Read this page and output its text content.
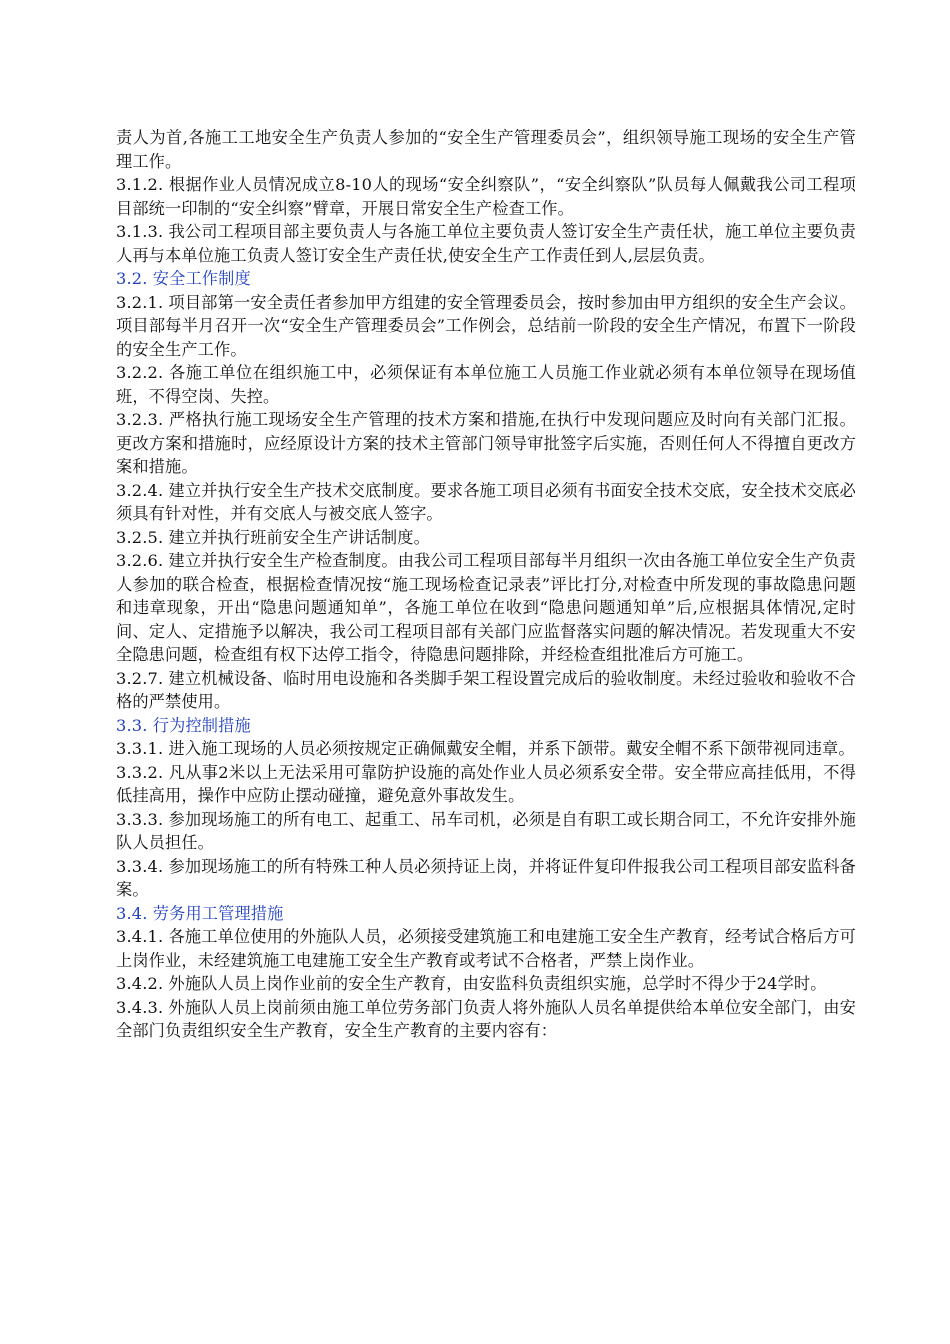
责人为首,各施工工地安全生产负责人参加的“安全生产管理委员会”，组织领导施工现场的安全生产管理工作。

3.1.2. 根据作业人员情况成立8-10人的现场“安全纠察队”，“安全纠察队”队员每人佩戴我公司工程项目部统一印制的“安全纠察”臂章，开展日常安全生产检查工作。

3.1.3. 我公司工程项目部主要负责人与各施工单位主要负责人签订安全生产责任状，施工单位主要负责人再与本单位施工负责人签订安全生产责任状,使安全生产工作责任到人,层层负责。

3.2. 安全工作制度

3.2.1. 项目部第一安全责任者参加甲方组建的安全管理委员会，按时参加由甲方组织的安全生产会议。项目部每半月召开一次“安全生产管理委员会”工作例会，总结前一阶段的安全生产情况，布置下一阶段的安全生产工作。

3.2.2. 各施工单位在组织施工中，必须保证有本单位施工人员施工作业就必须有本单位领导在现场值班，不得空岗、失控。

3.2.3. 严格执行施工现场安全生产管理的技术方案和措施,在执行中发现问题应及时向有关部门汇报。更改方案和措施时，应经原设计方案的技术主管部门领导审批签字后实施，否则任何人不得擅自更改方案和措施。

3.2.4. 建立并执行安全生产技术交底制度。要求各施工项目必须有书面安全技术交底，安全技术交底必须具有针对性，并有交底人与被交底人签字。

3.2.5. 建立并执行班前安全生产讲话制度。

3.2.6. 建立并执行安全生产检查制度。由我公司工程项目部每半月组织一次由各施工单位安全生产负责人参加的联合检查，根据检查情况按“施工现场检查记录表”评比打分,对检查中所发现的事故隐患问题和违章现象，开出“隐患问题通知单”，各施工单位在收到“隐患问题通知单”后,应根据具体情况,定时间、定人、定措施予以解决，我公司工程项目部有关部门应监督落实问题的解决情况。若发现重大不安全隐患问题，检查组有权下达停工指令，待隐患问题排除，并经检查组批准后方可施工。

3.2.7. 建立机械设备、临时用电设施和各类脚手架工程设置完成后的验收制度。未经过验收和验收不合格的严禁使用。

3.3. 行为控制措施

3.3.1. 进入施工现场的人员必须按规定正确佩戴安全帽，并系下颌带。戴安全帽不系下颌带视同违章。

3.3.2. 凡从事2米以上无法采用可靠防护设施的高处作业人员必须系安全带。安全带应高挂低用，不得低挂高用，操作中应防止摆动碰撞，避免意外事故发生。

3.3.3. 参加现场施工的所有电工、起重工、吊车司机，必须是自有职工或长期合同工，不允许安排外施队人员担任。

3.3.4. 参加现场施工的所有特殊工种人员必须持证上岗，并将证件复印件报我公司工程项目部安监科备案。

3.4. 劳务用工管理措施

3.4.1. 各施工单位使用的外施队人员，必须接受建筑施工和电建施工安全生产教育，经考试合格后方可上岗作业，未经建筑施工电建施工安全生产教育或考试不合格者，严禁上岗作业。

3.4.2. 外施队人员上岗作业前的安全生产教育，由安监科负责组织实施，总学时不得少于24学时。

3.4.3. 外施队人员上岗前须由施工单位劳务部门负责人将外施队人员名单提供给本单位安全部门，由安全部门负责组织安全生产教育，安全生产教育的主要内容有：
